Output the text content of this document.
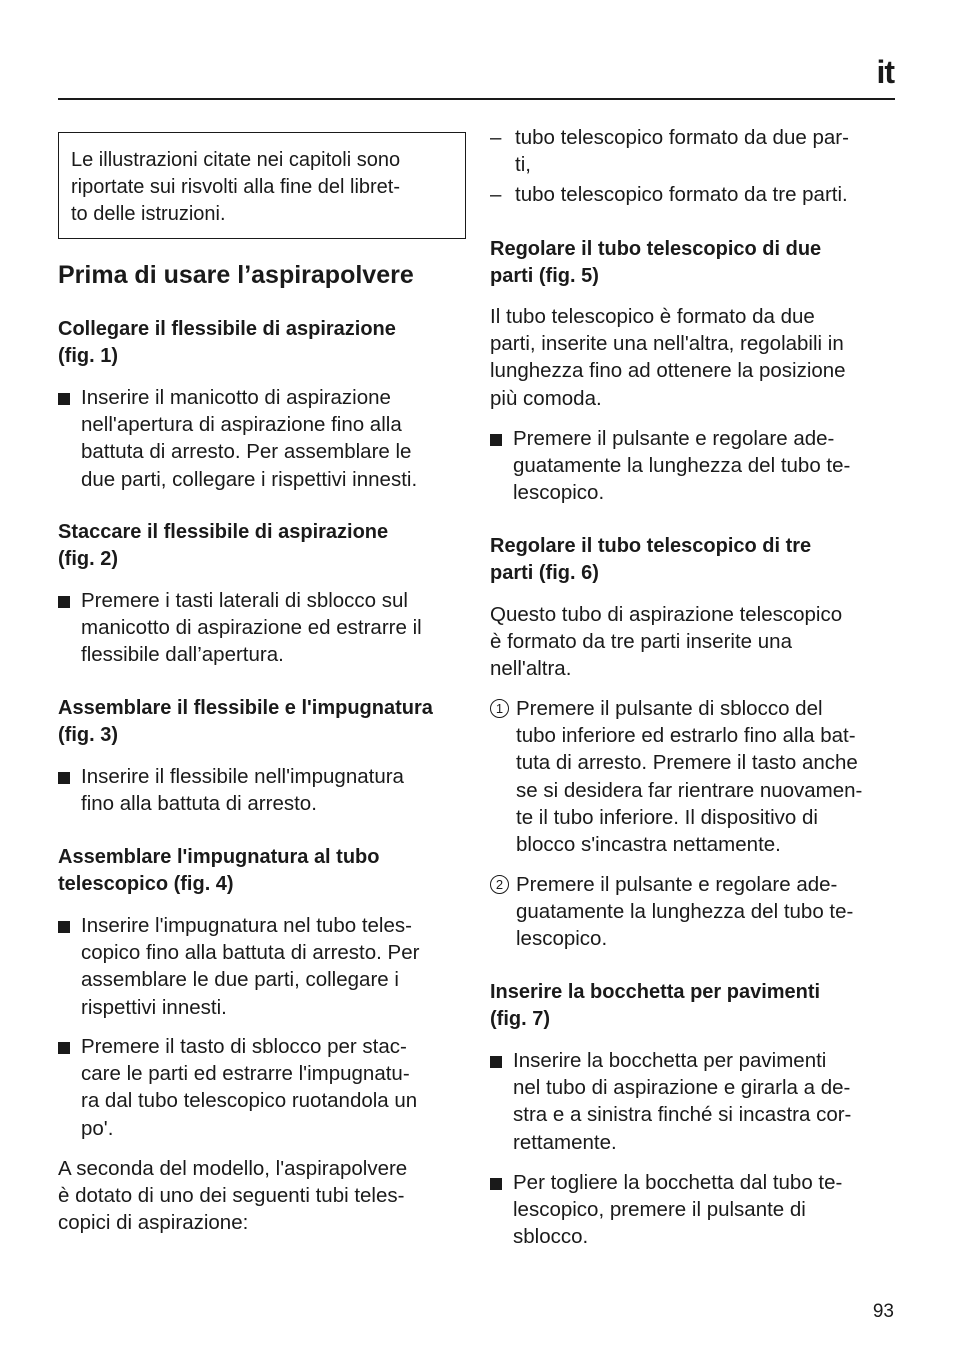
it

Le illustrazioni citate nei capitoli sono
riportate sui risvolti alla fine del libret-
to delle istruzioni.

Prima di usare l’aspirapolvere

Collegare il flessibile di aspirazione
(fig. 1)

Inserire il manicotto di aspirazione
nell'apertura di aspirazione fino alla
battuta di arresto. Per assemblare le
due parti, collegare i rispettivi innesti.

Staccare il flessibile di aspirazione
(fig. 2)

Premere i tasti laterali di sblocco sul
manicotto di aspirazione ed estrarre il
flessibile dall’apertura.

Assemblare il flessibile e l'impugnatura
(fig. 3)

Inserire il flessibile nell'impugnatura
fino alla battuta di arresto.

Assemblare l'impugnatura al tubo
telescopico (fig. 4)

Inserire l'impugnatura nel tubo teles-
copico fino alla battuta di arresto. Per
assemblare le due parti, collegare i
rispettivi innesti.

Premere il tasto di sblocco per stac-
care le parti ed estrarre l'impugnatu-
ra dal tubo telescopico ruotandola un
po'.

A seconda del modello, l'aspirapolvere
è dotato di uno dei seguenti tubi teles-
copici di aspirazione:

– tubo telescopico formato da due par-
ti,

– tubo telescopico formato da tre parti.

Regolare il tubo telescopico di due
parti (fig. 5)

Il tubo telescopico è formato da due
parti, inserite una nell'altra, regolabili in
lunghezza fino ad ottenere la posizione
più comoda.

Premere il pulsante e regolare ade-
guatamente la lunghezza del tubo te-
lescopico.

Regolare il tubo telescopico di tre
parti (fig. 6)

Questo tubo di aspirazione telescopico
è formato da tre parti inserite una
nell'altra.

1 Premere il pulsante di sblocco del
tubo inferiore ed estrarlo fino alla bat-
tuta di arresto. Premere il tasto anche
se si desidera far rientrare nuovamen-
te il tubo inferiore. Il dispositivo di
blocco s'incastra nettamente.

2 Premere il pulsante e regolare ade-
guatamente la lunghezza del tubo te-
lescopico.

Inserire la bocchetta per pavimenti
(fig. 7)

Inserire la bocchetta per pavimenti
nel tubo di aspirazione e girarla a de-
stra e a sinistra finché si incastra cor-
rettamente.

Per togliere la bocchetta dal tubo te-
lescopico, premere il pulsante di
sblocco.

93
